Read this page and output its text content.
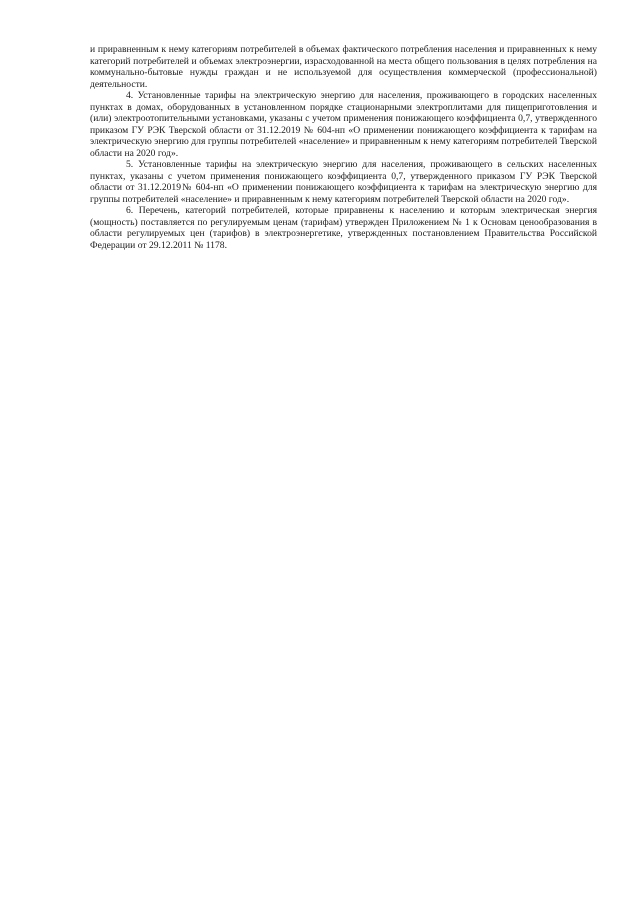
и приравненным к нему категориям потребителей в объемах фактического потребления населения и приравненных к нему категорий потребителей и объемах электроэнергии, израсходованной на места общего пользования в целях потребления на коммунально-бытовые нужды граждан и не используемой для осуществления коммерческой (профессиональной) деятельности.

4. Установленные тарифы на электрическую энергию для населения, проживающего в городских населенных пунктах в домах, оборудованных в установленном порядке стационарными электроплитами для пищеприготовления и (или) электроотопительными установками, указаны с учетом применения понижающего коэффициента 0,7, утвержденного приказом ГУ РЭК Тверской области от 31.12.2019 № 604-нп «О применении понижающего коэффициента к тарифам на электрическую энергию для группы потребителей «население» и приравненным к нему категориям потребителей Тверской области на 2020 год».

5. Установленные тарифы на электрическую энергию для населения, проживающего в сельских населенных пунктах, указаны с учетом применения понижающего коэффициента 0,7, утвержденного приказом ГУ РЭК Тверской области от 31.12.2019№ 604-нп «О применении понижающего коэффициента к тарифам на электрическую энергию для группы потребителей «население» и приравненным к нему категориям потребителей Тверской области на 2020 год».

6. Перечень, категорий потребителей, которые приравнены к населению и которым электрическая энергия (мощность) поставляется по регулируемым ценам (тарифам) утвержден Приложением № 1 к Основам ценообразования в области регулируемых цен (тарифов) в электроэнергетике, утвержденных постановлением Правительства Российской Федерации от 29.12.2011 № 1178.
